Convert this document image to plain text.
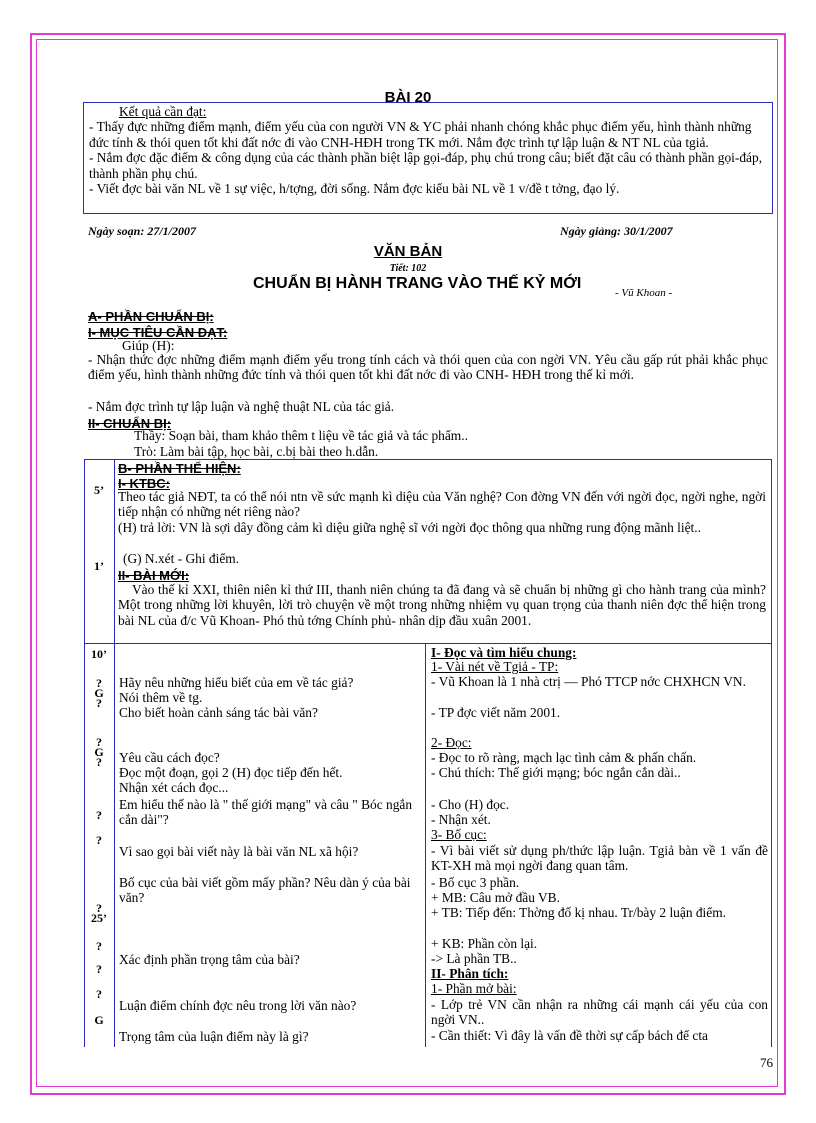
BÀI 20

Kết quả cần đạt:

- Thấy đực những điểm mạnh, điểm yếu của con người VN & YC phải nhanh chóng khắc phục điểm yếu, hình thành những đức tính & thói quen tốt khi đất nớc đi vào CNH-HĐH trong TK mới. Nắm đợc trình tự lập luận & NT NL của tgiả.

- Nắm đợc đặc điểm & công dụng của các thành phần biệt lập gọi-đáp, phụ chú trong câu; biết đặt câu có thành phần gọi-đáp, thành phần phụ chú.

- Viết đợc bài văn NL về 1 sự việc, h/tợng, đời sống. Nắm đợc kiểu bài NL về 1 v/đề t tởng, đạo lý.

Ngày soạn: 27/1/2007	Ngày giảng: 30/1/2007
VĂN BẢN
Tiết: 102
CHUẨN BỊ HÀNH TRANG VÀO THẾ KỶ MỚI
- Vũ Khoan -
A- PHẦN CHUẨN BỊ:
I- MỤC TIÊU CẦN ĐẠT:
Giúp (H):
- Nhận thức đợc những điểm mạnh điểm yếu trong tính cách và thói quen của con ngời VN. Yêu cầu gấp rút phải khắc phục điểm yếu, hình thành những đức tính và thói quen tốt khi đất nớc đi vào CNH- HĐH trong thế kỉ mới.
- Nắm đợc trình tự lập luận và nghệ thuật NL của tác giả.
II- CHUẨN BỊ:
Thầy: Soạn bài, tham khảo thêm t liệu về tác giả và tác phẩm..
Trò: Làm bài tập, học bài, c.bị bài theo h.dẫn.
B- PHẦN THỂ HIỆN:
I- KTBC:
5’	Theo tác giả NĐT, ta có thể nói ntn về sức mạnh kì diệu của Văn nghệ? Con đờng VN đến với ngời đọc, ngời nghe, ngời tiếp nhận có những nét riêng nào?
(H) trả lời: VN là sợi dây đồng cảm kì diệu giữa nghệ sĩ với ngời đọc thông qua những rung động mãnh liệt..
(G) N.xét - Ghi điểm.
1’
II- BÀI MỚI:
Vào thế kỉ XXI, thiên niên kỉ thứ III, thanh niên chúng ta đã đang và sẽ chuẩn bị những gì cho hành trang của mình? Một trong những lời khuyên, lời trò chuyện về một trong những nhiệm vụ quan trọng của thanh niên đợc thể hiện trong bài NL của đ/c Vũ Khoan- Phó thủ tớng Chính phủ- nhân dịp đầu xuân 2001.
10’
?
G
?
?
G
?
?
?
?
25’
?
?
?
G
Hãy nêu những hiểu biết của em về tác giả?
Nói thêm về tg.
Cho biết hoàn cảnh sáng tác bài văn?
Yêu cầu cách đọc?
Đọc một đoạn, gọi 2 (H) đọc tiếp đến hết.
Nhận xét cách đọc...
Em hiểu thế nào là " thế giới mạng" và câu " Bóc ngắn cắn dài"?
Vì sao gọi bài viết này là bài văn NL xã hội?
Bố cục của bài viết gồm mấy phần? Nêu dàn ý của bài văn?
Xác định phần trọng tâm của bài?
Luận điểm chính đợc nêu trong lời văn nào?
Trọng tâm của luận điểm này là gì?
I- Đọc và tìm hiểu chung:
1- Vài nét về Tgiả - TP:
- Vũ Khoan là 1 nhà ctrị — Phó TTCP nớc CHXHCN VN.
- TP đợc viết năm 2001.
2- Đọc:
- Đọc to rõ ràng, mạch lạc tình cảm & phấn chấn.
- Chú thích: Thế giới mạng; bóc ngắn cắn dài..
- Cho (H) đọc.
- Nhận xét.
3- Bố cục:
- Vì bài viết sử dụng ph/thức lập luận. Tgiả bàn về 1 vấn đề KT-XH mà mọi ngời đang quan tâm.
- Bố cục 3 phần.
+ MB: Câu mở đầu VB.
+ TB: Tiếp đến: Thờng đố kị nhau. Tr/bày 2 luận điểm.
+ KB: Phần còn lại.
-> Là phần TB..
II- Phân tích:
1- Phần mở bài:
- Lớp trẻ VN cần nhận ra những cái mạnh cái yếu của con ngời VN..
- Cần thiết: Vì đây là vấn đề thời sự cấp bách để cta
76
